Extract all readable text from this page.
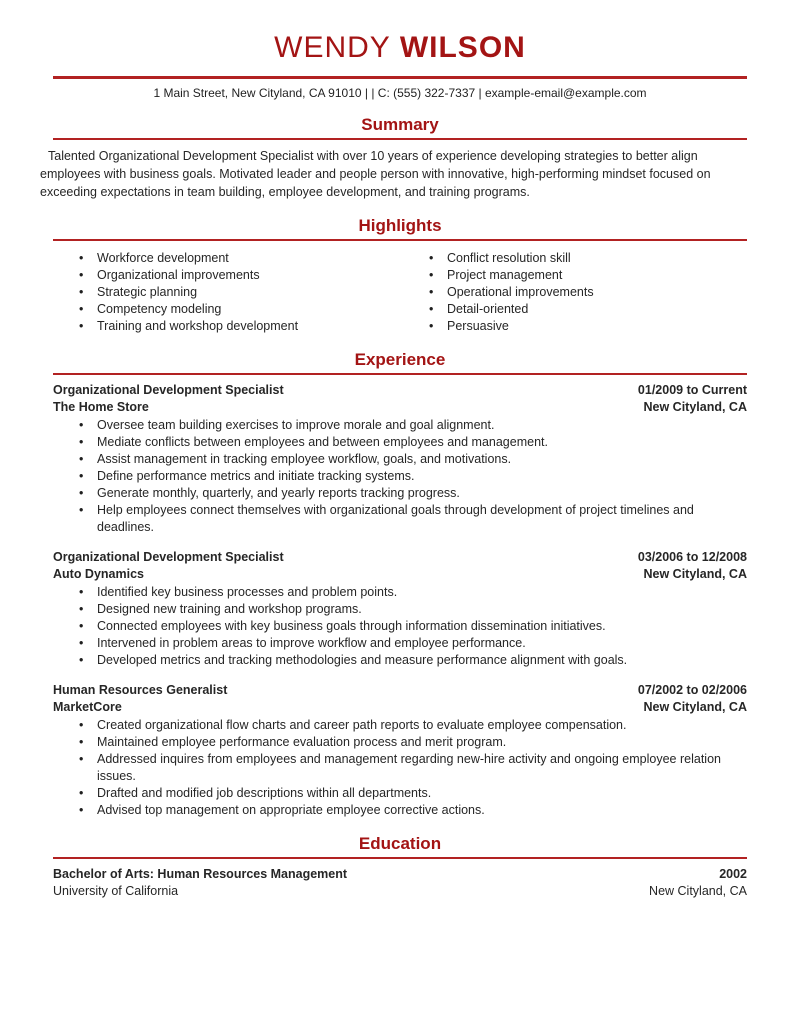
WENDY WILSON
1 Main Street, New Cityland, CA 91010 | | C: (555) 322-7337 | example-email@example.com
Summary
Talented Organizational Development Specialist with over 10 years of experience developing strategies to better align employees with business goals. Motivated leader and people person with innovative, high-performing mindset focused on exceeding expectations in team building, employee development, and training programs.
Highlights
• Workforce development
• Organizational improvements
• Strategic planning
• Competency modeling
• Training and workshop development
• Conflict resolution skill
• Project management
• Operational improvements
• Detail-oriented
• Persuasive
Experience
Organizational Development Specialist	01/2009 to Current
The Home Store	New Cityland, CA
• Oversee team building exercises to improve morale and goal alignment.
• Mediate conflicts between employees and between employees and management.
• Assist management in tracking employee workflow, goals, and motivations.
• Define performance metrics and initiate tracking systems.
• Generate monthly, quarterly, and yearly reports tracking progress.
• Help employees connect themselves with organizational goals through development of project timelines and deadlines.
Organizational Development Specialist	03/2006 to 12/2008
Auto Dynamics	New Cityland, CA
• Identified key business processes and problem points.
• Designed new training and workshop programs.
• Connected employees with key business goals through information dissemination initiatives.
• Intervened in problem areas to improve workflow and employee performance.
• Developed metrics and tracking methodologies and measure performance alignment with goals.
Human Resources Generalist	07/2002 to 02/2006
MarketCore	New Cityland, CA
• Created organizational flow charts and career path reports to evaluate employee compensation.
• Maintained employee performance evaluation process and merit program.
• Addressed inquires from employees and management regarding new-hire activity and ongoing employee relation issues.
• Drafted and modified job descriptions within all departments.
• Advised top management on appropriate employee corrective actions.
Education
Bachelor of Arts: Human Resources Management	2002
University of California	New Cityland, CA
